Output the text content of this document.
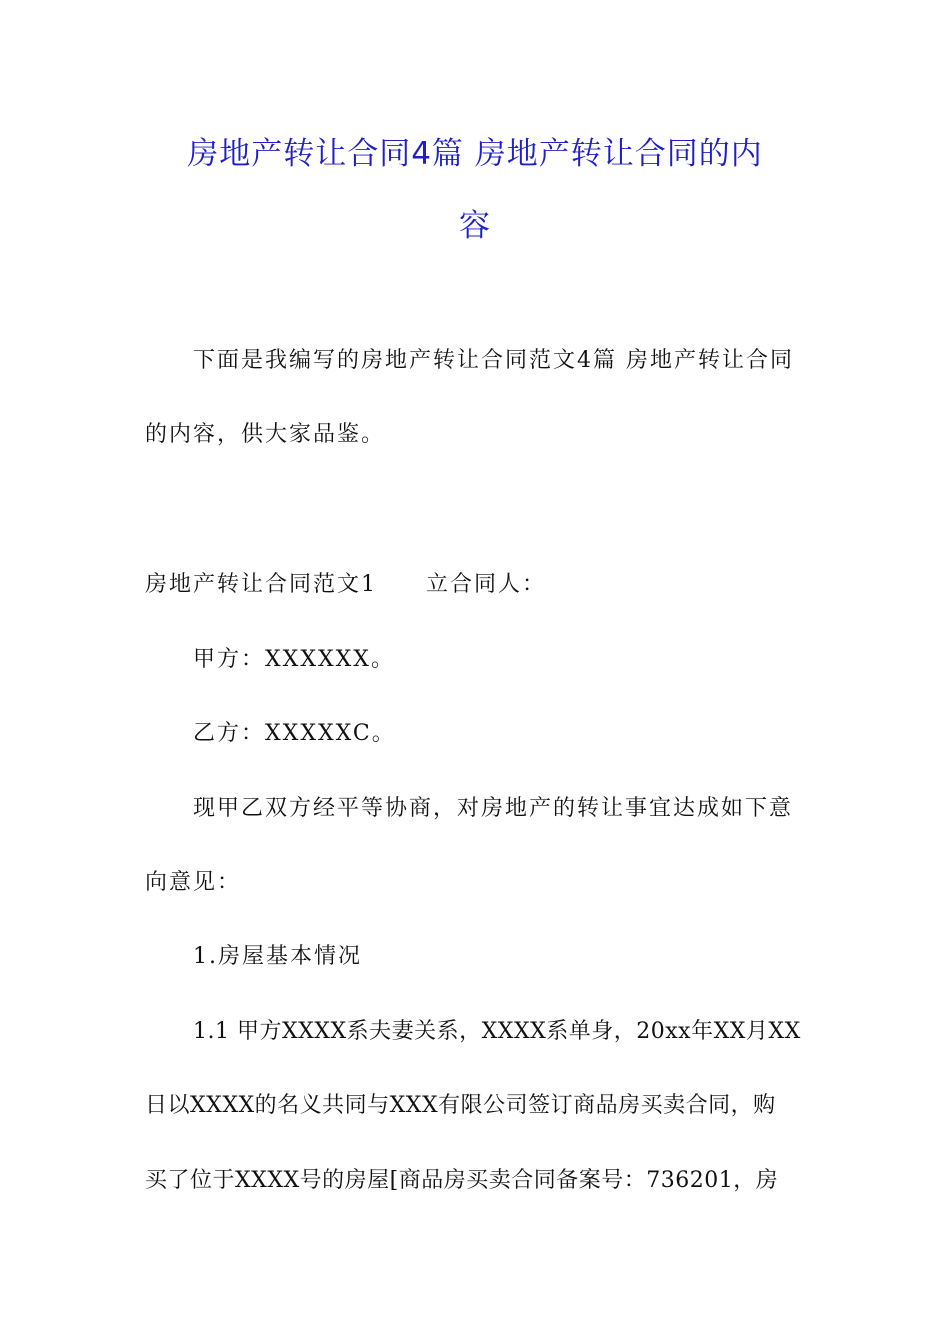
房地产转让合同4篇 房地产转让合同的内
容
下面是我编写的房地产转让合同范文4篇 房地产转让合同
的内容，供大家品鉴。
房地产转让合同范文1 立合同人：
甲方：XXXXXX。
乙方：XXXXXC。
现甲乙双方经平等协商，对房地产的转让事宜达成如下意
向意见：
1.房屋基本情况
1.1 甲方XXXX系夫妻关系，XXXX系单身，20xx年XX月XX
日以XXXX的名义共同与XXX有限公司签订商品房买卖合同，购
买了位于XXXX号的房屋[商品房买卖合同备案号：736201，房
